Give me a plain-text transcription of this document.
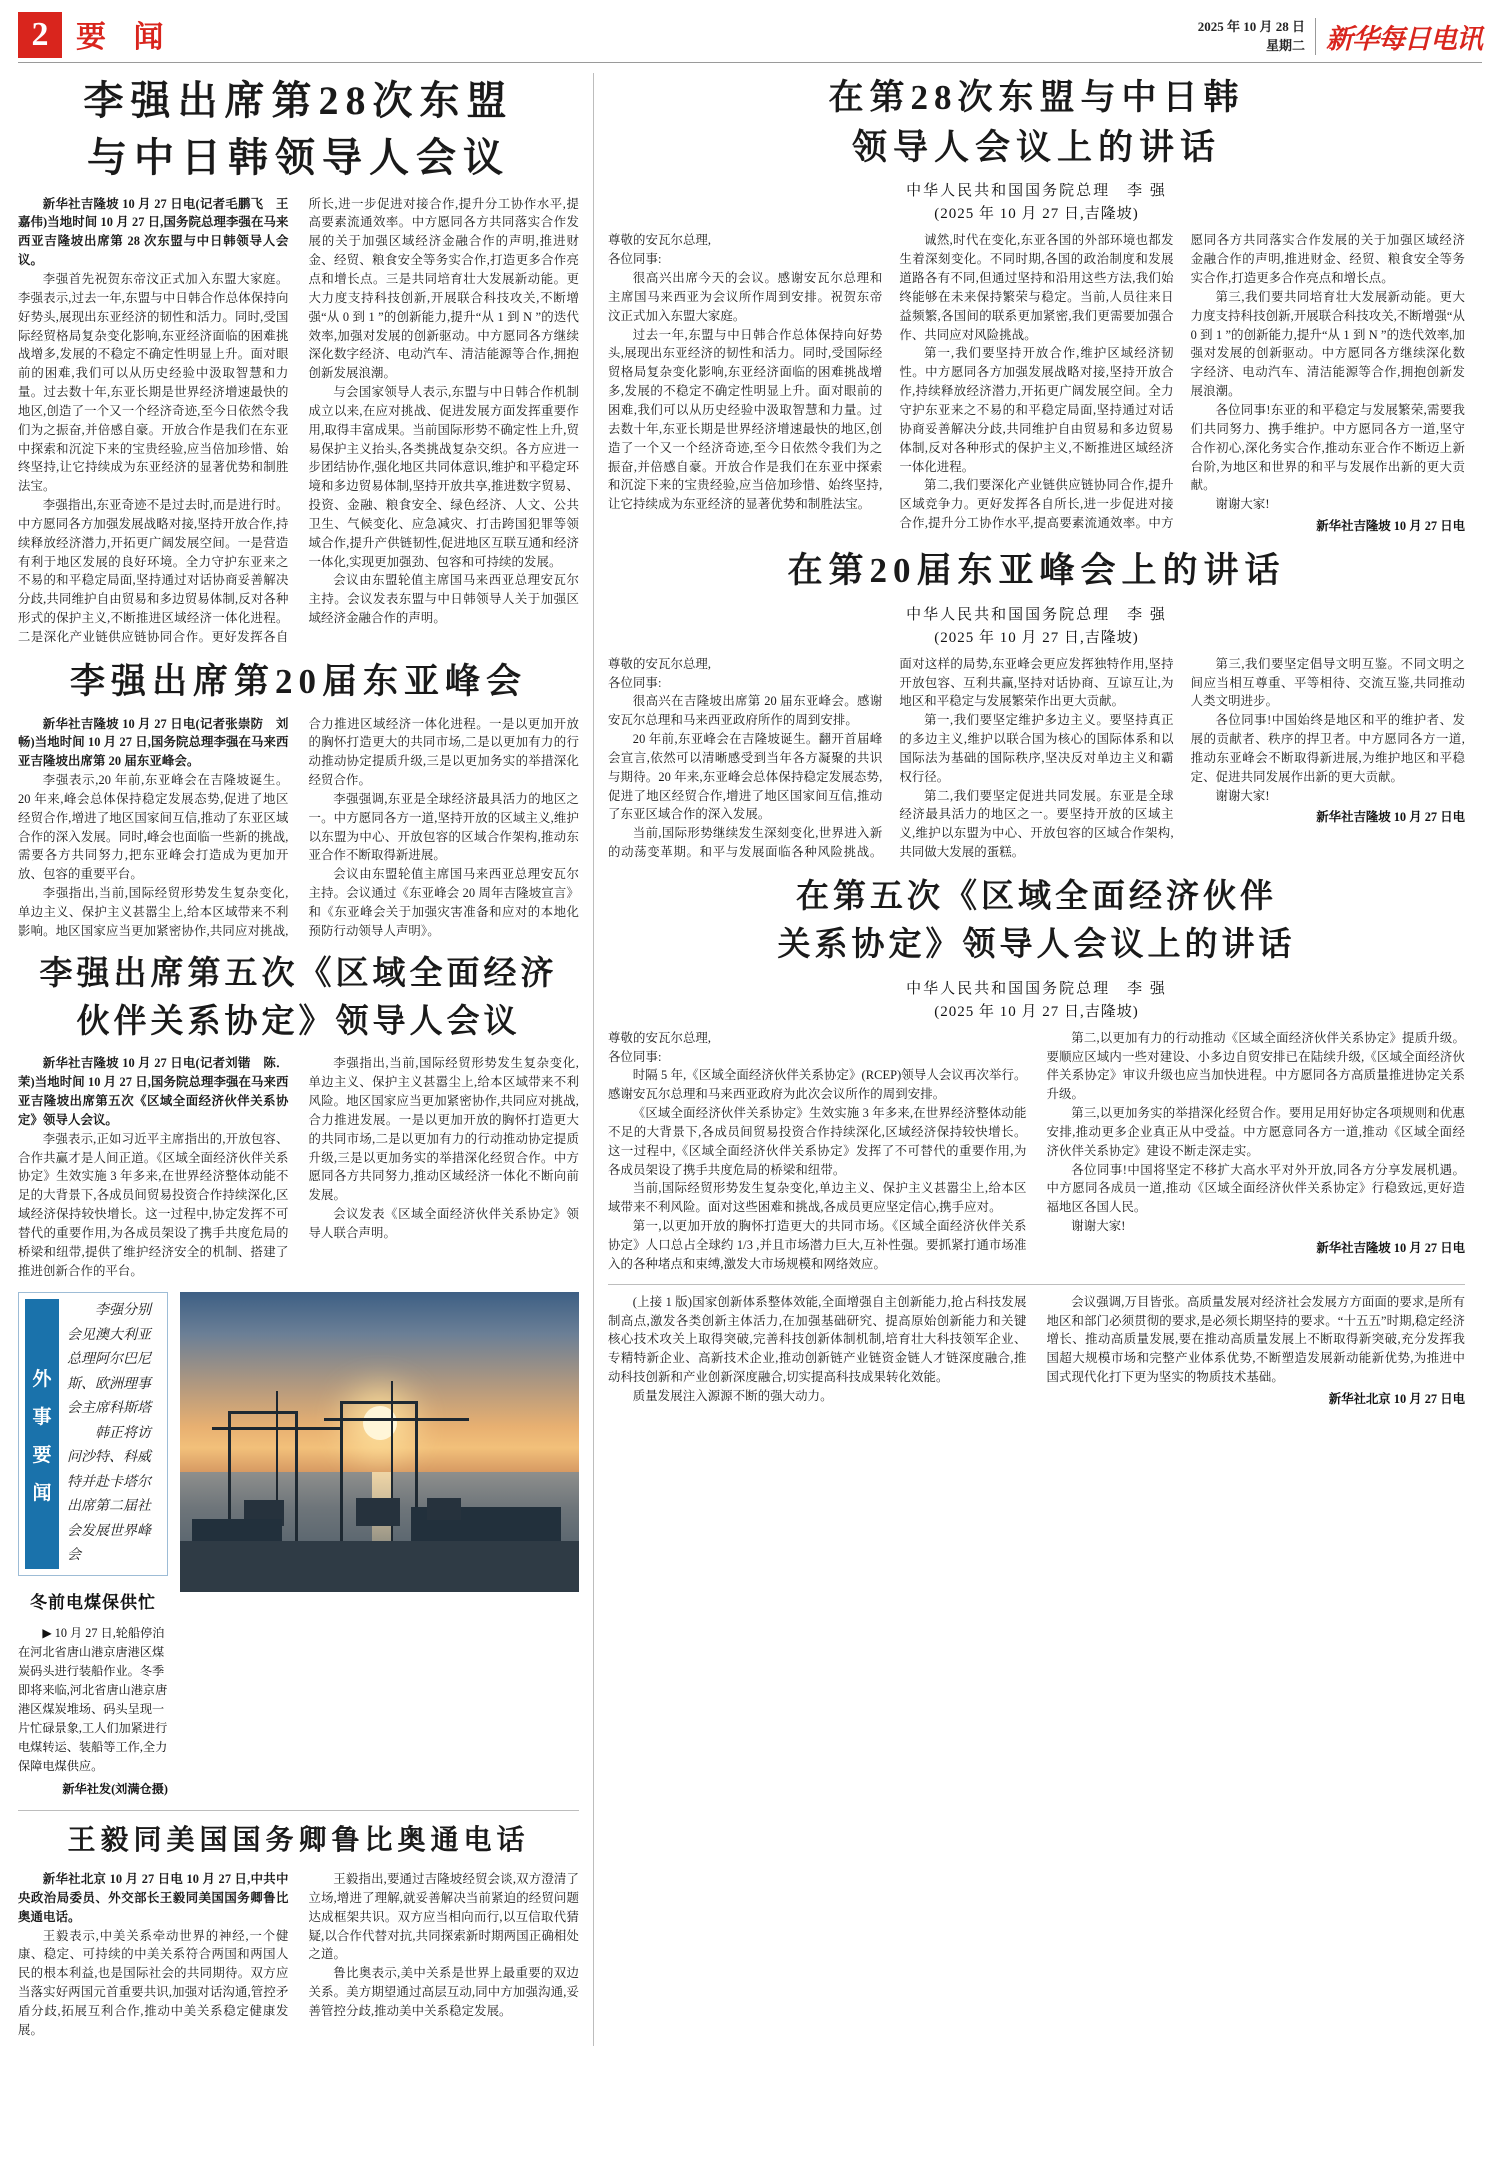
2 要 闻	2025 年 10 月 28 日
星期二 新华每日电讯
李强出席第28次东盟
与中日韩领导人会议

新华社吉隆坡 10 月 27 日电(记者毛鹏飞　王嘉伟)当地时间 10 月 27 日,国务院总理李强在马来西亚吉隆坡出席第 28 次东盟与中日韩领导人会议。

李强首先祝贺东帝汶正式加入东盟大家庭。李强表示,过去一年,东盟与中日韩合作总体保持向好势头,展现出东亚经济的韧性和活力。同时,受国际经贸格局复杂变化影响,东亚经济面临的困难挑战增多,发展的不稳定不确定性明显上升。面对眼前的困难,我们可以从历史经验中汲取智慧和力量。过去数十年,东亚长期是世界经济增速最快的地区,创造了一个又一个经济奇迹,至今日依然令我们为之振奋,并倍感自豪。开放合作是我们在东亚中探索和沉淀下来的宝贵经验,应当倍加珍惜、始终坚持,让它持续成为东亚经济的显著优势和制胜法宝。

李强指出,东亚奇迹不是过去时,而是进行时。中方愿同各方加强发展战略对接,坚持开放合作,持续释放经济潜力,开拓更广阔发展空间。一是营造有利于地区发展的良好环境。全力守护东亚来之不易的和平稳定局面,坚持通过对话协商妥善解决分歧,共同维护自由贸易和多边贸易体制,反对各种形式的保护主义,不断推进区域经济一体化进程。二是深化产业链供应链协同合作。更好发挥各自所长,进一步促进对接合作,提升分工协作水平,提高要素流通效率。中方愿同各方共同落实合作发展的关于加强区域经济金融合作的声明,推进财金、经贸、粮食安全等务实合作,打造更多合作亮点和增长点。三是共同培育壮大发展新动能。更大力度支持科技创新,开展联合科技攻关,不断增强“从 0 到 1 ”的创新能力,提升“从 1 到 N ”的迭代效率,加强对发展的创新驱动。中方愿同各方继续深化数字经济、电动汽车、清洁能源等合作,拥抱创新发展浪潮。

与会国家领导人表示,东盟与中日韩合作机制成立以来,在应对挑战、促进发展方面发挥重要作用,取得丰富成果。当前国际形势不确定性上升,贸易保护主义抬头,各类挑战复杂交织。各方应进一步团结协作,强化地区共同体意识,维护和平稳定环境和多边贸易体制,坚持开放共享,推进数字贸易、投资、金融、粮食安全、绿色经济、人文、公共卫生、气候变化、应急减灾、打击跨国犯罪等领域合作,提升产供链韧性,促进地区互联互通和经济一体化,实现更加强劲、包容和可持续的发展。

会议由东盟轮值主席国马来西亚总理安瓦尔主持。会议发表东盟与中日韩领导人关于加强区域经济金融合作的声明。

李强出席第20届东亚峰会

新华社吉隆坡 10 月 27 日电(记者张崇防　刘畅)当地时间 10 月 27 日,国务院总理李强在马来西亚吉隆坡出席第 20 届东亚峰会。

李强表示,20 年前,东亚峰会在吉隆坡诞生。20 年来,峰会总体保持稳定发展态势,促进了地区经贸合作,增进了地区国家间互信,推动了东亚区域合作的深入发展。同时,峰会也面临一些新的挑战,需要各方共同努力,把东亚峰会打造成为更加开放、包容的重要平台。

李强指出,当前,国际经贸形势发生复杂变化,单边主义、保护主义甚嚣尘上,给本区域带来不利影响。地区国家应当更加紧密协作,共同应对挑战,合力推进区域经济一体化进程。一是以更加开放的胸怀打造更大的共同市场,二是以更加有力的行动推动协定提质升级,三是以更加务实的举措深化经贸合作。

李强强调,东亚是全球经济最具活力的地区之一。中方愿同各方一道,坚持开放的区域主义,维护以东盟为中心、开放包容的区域合作架构,推动东亚合作不断取得新进展。

会议由东盟轮值主席国马来西亚总理安瓦尔主持。会议通过《东亚峰会 20 周年吉隆坡宣言》和《东亚峰会关于加强灾害准备和应对的本地化预防行动领导人声明》。

李强出席第五次《区域全面经济
伙伴关系协定》领导人会议

新华社吉隆坡 10 月 27 日电(记者刘锴　陈． 茉)当地时间 10 月 27 日,国务院总理李强在马来西亚吉隆坡出席第五次《区域全面经济伙伴关系协定》领导人会议。

李强表示,正如习近平主席指出的,开放包容、合作共赢才是人间正道。《区域全面经济伙伴关系协定》生效实施 3 年多来,在世界经济整体动能不足的大背景下,各成员间贸易投资合作持续深化,区域经济保持较快增长。这一过程中,协定发挥不可替代的重要作用,为各成员架设了携手共度危局的桥梁和纽带,提供了维护经济安全的机制、搭建了推进创新合作的平台。

李强指出,当前,国际经贸形势发生复杂变化,单边主义、保护主义甚嚣尘上,给本区域带来不利风险。地区国家应当更加紧密协作,共同应对挑战,合力推进发展。一是以更加开放的胸怀打造更大的共同市场,二是以更加有力的行动推动协定提质升级,三是以更加务实的举措深化经贸合作。中方愿同各方共同努力,推动区域经济一体化不断向前发展。

会议发表《区域全面经济伙伴关系协定》领导人联合声明。

外
事
要
闻

李强分别会见澳大利亚总理阿尔巴尼斯、欧洲理事会主席科斯塔

韩正将访问沙特、科威特并赴卡塔尔出席第二届社会发展世界峰会

冬前电煤保供忙

▶ 10 月 27 日,轮船停泊在河北省唐山港京唐港区煤炭码头进行装船作业。冬季即将来临,河北省唐山港京唐港区煤炭堆场、码头呈现一片忙碌景象,工人们加紧进行电煤转运、装船等工作,全力保障电煤供应。

新华社发(刘满仓摄)
王毅同美国国务卿鲁比奥通电话

新华社北京 10 月 27 日电 10 月 27 日,中共中央政治局委员、外交部长王毅同美国国务卿鲁比奥通电话。

王毅表示,中美关系牵动世界的神经,一个健康、稳定、可持续的中美关系符合两国和两国人民的根本利益,也是国际社会的共同期待。双方应当落实好两国元首重要共识,加强对话沟通,管控矛盾分歧,拓展互利合作,推动中美关系稳定健康发展。

王毅指出,要通过吉隆坡经贸会谈,双方澄清了立场,增进了理解,就妥善解决当前紧迫的经贸问题达成框架共识。双方应当相向而行,以互信取代猜疑,以合作代替对抗,共同探索新时期两国正确相处之道。

鲁比奥表示,美中关系是世界上最重要的双边关系。美方期望通过高层互动,同中方加强沟通,妥善管控分歧,推动美中关系稳定发展。

在第28次东盟与中日韩
领导人会议上的讲话
中华人民共和国国务院总理　李 强
(2025 年 10 月 27 日,吉隆坡)

尊敬的安瓦尔总理,

各位同事:

很高兴出席今天的会议。感谢安瓦尔总理和主席国马来西亚为会议所作周到安排。祝贺东帝汶正式加入东盟大家庭。

过去一年,东盟与中日韩合作总体保持向好势头,展现出东亚经济的韧性和活力。同时,受国际经贸格局复杂变化影响,东亚经济面临的困难挑战增多,发展的不稳定不确定性明显上升。面对眼前的困难,我们可以从历史经验中汲取智慧和力量。过去数十年,东亚长期是世界经济增速最快的地区,创造了一个又一个经济奇迹,至今日依然令我们为之振奋,并倍感自豪。开放合作是我们在东亚中探索和沉淀下来的宝贵经验,应当倍加珍惜、始终坚持,让它持续成为东亚经济的显著优势和制胜法宝。

诚然,时代在变化,东亚各国的外部环境也都发生着深刻变化。不同时期,各国的政治制度和发展道路各有不同,但通过坚持和沿用这些方法,我们始终能够在未来保持繁荣与稳定。当前,人员往来日益频繁,各国间的联系更加紧密,我们更需要加强合作、共同应对风险挑战。

第一,我们要坚持开放合作,维护区域经济韧性。中方愿同各方加强发展战略对接,坚持开放合作,持续释放经济潜力,开拓更广阔发展空间。全力守护东亚来之不易的和平稳定局面,坚持通过对话协商妥善解决分歧,共同维护自由贸易和多边贸易体制,反对各种形式的保护主义,不断推进区域经济一体化进程。

第二,我们要深化产业链供应链协同合作,提升区域竞争力。更好发挥各自所长,进一步促进对接合作,提升分工协作水平,提高要素流通效率。中方愿同各方共同落实合作发展的关于加强区域经济金融合作的声明,推进财金、经贸、粮食安全等务实合作,打造更多合作亮点和增长点。

第三,我们要共同培育壮大发展新动能。更大力度支持科技创新,开展联合科技攻关,不断增强“从 0 到 1 ”的创新能力,提升“从 1 到 N ”的迭代效率,加强对发展的创新驱动。中方愿同各方继续深化数字经济、电动汽车、清洁能源等合作,拥抱创新发展浪潮。

各位同事!东亚的和平稳定与发展繁荣,需要我们共同努力、携手维护。中方愿同各方一道,坚守合作初心,深化务实合作,推动东亚合作不断迈上新台阶,为地区和世界的和平与发展作出新的更大贡献。

谢谢大家!

新华社吉隆坡 10 月 27 日电

在第20届东亚峰会上的讲话
中华人民共和国国务院总理　李 强
(2025 年 10 月 27 日,吉隆坡)

尊敬的安瓦尔总理,

各位同事:

很高兴在吉隆坡出席第 20 届东亚峰会。感谢安瓦尔总理和马来西亚政府所作的周到安排。

20 年前,东亚峰会在吉隆坡诞生。翻开首届峰会宣言,依然可以清晰感受到当年各方凝聚的共识与期待。20 年来,东亚峰会总体保持稳定发展态势,促进了地区经贸合作,增进了地区国家间互信,推动了东亚区域合作的深入发展。

当前,国际形势继续发生深刻变化,世界进入新的动荡变革期。和平与发展面临各种风险挑战。面对这样的局势,东亚峰会更应发挥独特作用,坚持开放包容、互利共赢,坚持对话协商、互谅互让,为地区和平稳定与发展繁荣作出更大贡献。

第一,我们要坚定维护多边主义。要坚持真正的多边主义,维护以联合国为核心的国际体系和以国际法为基础的国际秩序,坚决反对单边主义和霸权行径。

第二,我们要坚定促进共同发展。东亚是全球经济最具活力的地区之一。要坚持开放的区域主义,维护以东盟为中心、开放包容的区域合作架构,共同做大发展的蛋糕。

第三,我们要坚定倡导文明互鉴。不同文明之间应当相互尊重、平等相待、交流互鉴,共同推动人类文明进步。

各位同事!中国始终是地区和平的维护者、发展的贡献者、秩序的捍卫者。中方愿同各方一道,推动东亚峰会不断取得新进展,为维护地区和平稳定、促进共同发展作出新的更大贡献。

谢谢大家!

新华社吉隆坡 10 月 27 日电

在第五次《区域全面经济伙伴
关系协定》领导人会议上的讲话
中华人民共和国国务院总理　李 强
(2025 年 10 月 27 日,吉隆坡)

尊敬的安瓦尔总理,

各位同事:

时隔 5 年,《区域全面经济伙伴关系协定》(RCEP)领导人会议再次举行。感谢安瓦尔总理和马来西亚政府为此次会议所作的周到安排。

《区域全面经济伙伴关系协定》生效实施 3 年多来,在世界经济整体动能不足的大背景下,各成员间贸易投资合作持续深化,区域经济保持较快增长。这一过程中,《区域全面经济伙伴关系协定》发挥了不可替代的重要作用,为各成员架设了携手共度危局的桥梁和纽带。

当前,国际经贸形势发生复杂变化,单边主义、保护主义甚嚣尘上,给本区域带来不利风险。面对这些困难和挑战,各成员更应坚定信心,携手应对。

第一,以更加开放的胸怀打造更大的共同市场。《区域全面经济伙伴关系协定》人口总占全球约 1/3 ,并且市场潜力巨大,互补性强。要抓紧打通市场准入的各种堵点和束缚,激发大市场规模和网络效应。

第二,以更加有力的行动推动《区域全面经济伙伴关系协定》提质升级。要顺应区域内一些对建设、小多边自贸安排已在陆续升级,《区域全面经济伙伴关系协定》审议升级也应当加快进程。中方愿同各方高质量推进协定关系升级。

第三,以更加务实的举措深化经贸合作。要用足用好协定各项规则和优惠安排,推动更多企业真正从中受益。中方愿意同各方一道,推动《区域全面经济伙伴关系协定》建设不断走深走实。

各位同事!中国将坚定不移扩大高水平对外开放,同各方分享发展机遇。中方愿同各成员一道,推动《区域全面经济伙伴关系协定》行稳致远,更好造福地区各国人民。

谢谢大家!

新华社吉隆坡 10 月 27 日电

(上接 1 版)国家创新体系整体效能,全面增强自主创新能力,抢占科技发展制高点,激发各类创新主体活力,在加强基础研究、提高原始创新能力和关键核心技术攻关上取得突破,完善科技创新体制机制,培育壮大科技领军企业、专精特新企业、高新技术企业,推动创新链产业链资金链人才链深度融合,推动科技创新和产业创新深度融合,切实提高科技成果转化效能。

质量发展注入源源不断的强大动力。

会议强调,万目皆张。高质量发展对经济社会发展方方面面的要求,是所有地区和部门必须贯彻的要求,是必须长期坚持的要求。“十五五”时期,稳定经济增长、推动高质量发展,要在推动高质量发展上不断取得新突破,充分发挥我国超大规模市场和完整产业体系优势,不断塑造发展新动能新优势,为推进中国式现代化打下更为坚实的物质技术基础。

新华社北京 10 月 27 日电
